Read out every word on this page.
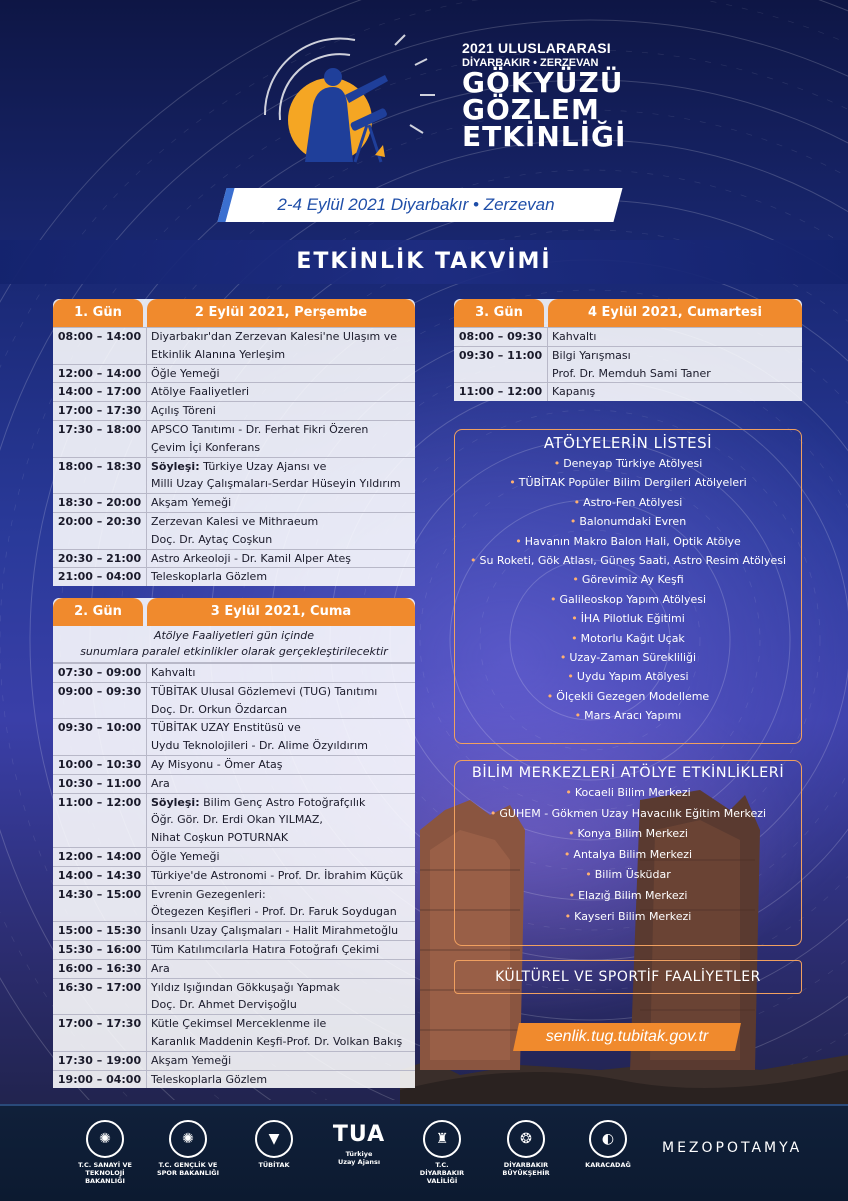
2021 ULUSLARARASI
DİYARBAKIR • ZERZEVAN
GÖKYÜZÜ
GÖZLEM
ETKİNLİĞİ
2-4 Eylül 2021 Diyarbakır • Zerzevan
ETKİNLİK TAKVİMİ
1. Gün	2 Eylül 2021, Perşembe
08:00 – 14:00	Diyarbakır'dan Zerzevan Kalesi'ne Ulaşım ve
	Etkinlik Alanına Yerleşim
12:00 – 14:00	Öğle Yemeği
14:00 – 17:00	Atölye Faaliyetleri
17:00 – 17:30	Açılış Töreni
17:30 – 18:00	APSCO Tanıtımı - Dr. Ferhat Fikri Özeren
	Çevim İçi Konferans
18:00 – 18:30	Söyleşi: Türkiye Uzay Ajansı ve
	Milli Uzay Çalışmaları-Serdar Hüseyin Yıldırım
18:30 – 20:00	Akşam Yemeği
20:00 – 20:30	Zerzevan Kalesi ve Mithraeum
	Doç. Dr. Aytaç Coşkun
20:30 – 21:00	Astro Arkeoloji - Dr. Kamil Alper Ateş
21:00 – 04:00	Teleskoplarla Gözlem
2. Gün	3 Eylül 2021, Cuma
Atölye Faaliyetleri gün içinde
sunumlara paralel etkinlikler olarak gerçekleştirilecektir
07:30 – 09:00	Kahvaltı
09:00 – 09:30	TÜBİTAK Ulusal Gözlemevi (TUG) Tanıtımı
	Doç. Dr. Orkun Özdarcan
09:30 – 10:00	TÜBİTAK UZAY Enstitüsü ve
	Uydu Teknolojileri - Dr. Alime Özyıldırım
10:00 – 10:30	Ay Misyonu - Ömer Ataş
10:30 – 11:00	Ara
11:00 – 12:00	Söyleşi: Bilim Genç Astro Fotoğrafçılık
	Öğr. Gör. Dr. Erdi Okan YILMAZ,
	Nihat Coşkun POTURNAK
12:00 – 14:00	Öğle Yemeği
14:00 – 14:30	Türkiye'de Astronomi - Prof. Dr. İbrahim Küçük
14:30 – 15:00	Evrenin Gezegenleri:
	Ötegezen Keşifleri - Prof. Dr. Faruk Soydugan
15:00 – 15:30	İnsanlı Uzay Çalışmaları - Halit Mirahmetoğlu
15:30 – 16:00	Tüm Katılımcılarla Hatıra Fotoğrafı Çekimi
16:00 – 16:30	Ara
16:30 – 17:00	Yıldız Işığından Gökkuşağı Yapmak
	Doç. Dr. Ahmet Dervişoğlu
17:00 – 17:30	Kütle Çekimsel Merceklenme ile
	Karanlık Maddenin Keşfi-Prof. Dr. Volkan Bakış
17:30 – 19:00	Akşam Yemeği
19:00 – 04:00	Teleskoplarla Gözlem
3. Gün	4 Eylül 2021, Cumartesi
08:00 – 09:30	Kahvaltı
09:30 – 11:00	Bilgi Yarışması
	Prof. Dr. Memduh Sami Taner
11:00 – 12:00	Kapanış
ATÖLYELERİN LİSTESİ
• Deneyap Türkiye Atölyesi
• TÜBİTAK Popüler Bilim Dergileri Atölyeleri
• Astro-Fen Atölyesi
• Balonumdaki Evren
• Havanın Makro Balon Hali, Optik Atölye
• Su Roketi, Gök Atlası, Güneş Saati, Astro Resim Atölyesi
• Görevimiz Ay Keşfi
• Galileoskop Yapım Atölyesi
• İHA Pilotluk Eğitimi
• Motorlu Kağıt Uçak
• Uzay-Zaman Sürekliliği
• Uydu Yapım Atölyesi
• Ölçekli Gezegen Modelleme
• Mars Aracı Yapımı
BİLİM MERKEZLERİ ATÖLYE ETKİNLİKLERİ
• Kocaeli Bilim Merkezi
• GUHEM - Gökmen Uzay Havacılık Eğitim Merkezi
• Konya Bilim Merkezi
• Antalya Bilim Merkezi
• Bilim Üsküdar
• Elazığ Bilim Merkezi
• Kayseri Bilim Merkezi
KÜLTÜREL VE SPORTİF FAALİYETLER
senlik.tug.tubitak.gov.tr
✺
T.C. SANAYİ VE
TEKNOLOJİ BAKANLIĞI
✺
T.C. GENÇLİK VE
SPOR BAKANLIĞI
▼
TÜBİTAK
TUA
Türkiye
Uzay Ajansı
♜
T.C.
DİYARBAKIR VALİLİĞİ
❂
DİYARBAKIR
BÜYÜKŞEHİR
◐
KARACADAĞ
MEZOPOTAMYA
